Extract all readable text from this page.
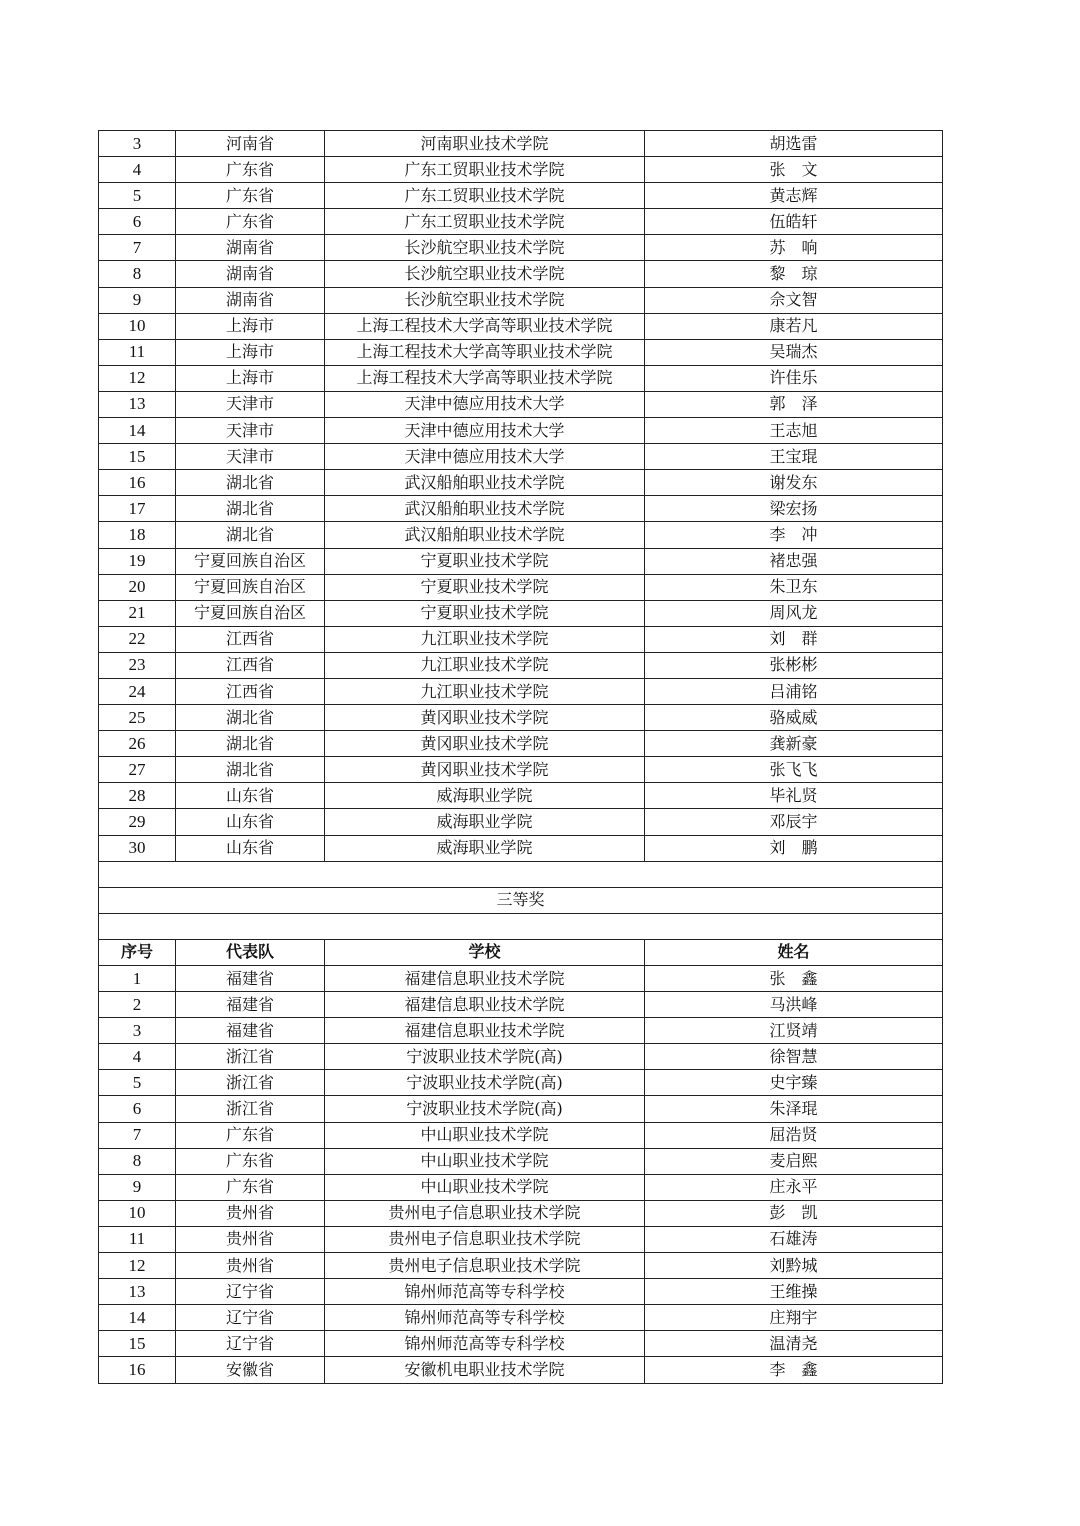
3	河南省	河南职业技术学院	胡选雷
4	广东省	广东工贸职业技术学院	张　文
5	广东省	广东工贸职业技术学院	黄志辉
6	广东省	广东工贸职业技术学院	伍皓轩
7	湖南省	长沙航空职业技术学院	苏　响
8	湖南省	长沙航空职业技术学院	黎　琼
9	湖南省	长沙航空职业技术学院	佘文智
10	上海市	上海工程技术大学高等职业技术学院	康若凡
11	上海市	上海工程技术大学高等职业技术学院	吴瑞杰
12	上海市	上海工程技术大学高等职业技术学院	许佳乐
13	天津市	天津中德应用技术大学	郭　泽
14	天津市	天津中德应用技术大学	王志旭
15	天津市	天津中德应用技术大学	王宝琨
16	湖北省	武汉船舶职业技术学院	谢发东
17	湖北省	武汉船舶职业技术学院	梁宏扬
18	湖北省	武汉船舶职业技术学院	李　冲
19	宁夏回族自治区	宁夏职业技术学院	褚忠强
20	宁夏回族自治区	宁夏职业技术学院	朱卫东
21	宁夏回族自治区	宁夏职业技术学院	周风龙
22	江西省	九江职业技术学院	刘　群
23	江西省	九江职业技术学院	张彬彬
24	江西省	九江职业技术学院	吕浦铭
25	湖北省	黄冈职业技术学院	骆威威
26	湖北省	黄冈职业技术学院	龚新豪
27	湖北省	黄冈职业技术学院	张飞飞
28	山东省	威海职业学院	毕礼贤
29	山东省	威海职业学院	邓辰宇
30	山东省	威海职业学院	刘　鹏

三等奖			

序号	代表队	学校	姓名
1	福建省	福建信息职业技术学院	张　鑫
2	福建省	福建信息职业技术学院	马洪峰
3	福建省	福建信息职业技术学院	江贤靖
4	浙江省	宁波职业技术学院(高)	徐智慧
5	浙江省	宁波职业技术学院(高)	史宇臻
6	浙江省	宁波职业技术学院(高)	朱泽琨
7	广东省	中山职业技术学院	屈浩贤
8	广东省	中山职业技术学院	麦启熙
9	广东省	中山职业技术学院	庄永平
10	贵州省	贵州电子信息职业技术学院	彭　凯
11	贵州省	贵州电子信息职业技术学院	石雄涛
12	贵州省	贵州电子信息职业技术学院	刘黔城
13	辽宁省	锦州师范高等专科学校	王维操
14	辽宁省	锦州师范高等专科学校	庄翔宇
15	辽宁省	锦州师范高等专科学校	温清尧
16	安徽省	安徽机电职业技术学院	李　鑫
